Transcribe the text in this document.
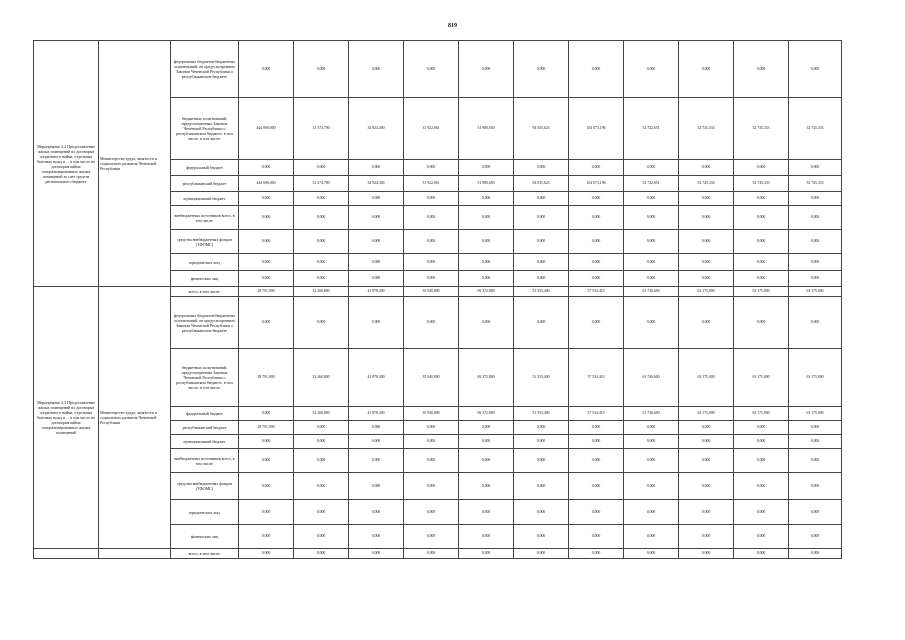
819
Мероприятие 2.2 Предоставление жилых помещений по договорам социального найма, отдельных бытовых нужд и ... в том числе по договорам найма специализированных жилых помещений за счет средств регионального бюджета	Министерство труда, занятости и социального развития Чеченской Республики	федеральных бюджетов/бюджетных ассигнований, не предусмотренных Законом Чеченской Республики о республиканском бюджете	0,000	0,000	0,000	0,000	0,000	0,000	0,000	0,000	0,000	0,000	0,000
		бюджетных ассигнований, предусмотренных Законом Чеченской Республики о республиканском бюджете, в том числе: в том числе:	444 690,000	31 374,700	34 924,300	31 922,061	51 980,650	94 035,623	104 073,196	52 722,651	52 745,333	52 745,333	52 745,333
		федеральный бюджет	0,000	0,000	0,000	0,000	0,000	0,000	0,000	0,000	0,000	0,000	0,000
		республиканский бюджет	444 690,000	31 374,700	34 924,300	31 922,061	51 980,650	94 035,623	104 073,196	52 722,651	52 745,333	52 745,333	52 745,333
		муниципальный бюджет	0,000	0,000	0,000	0,000	0,000	0,000	0,000	0,000	0,000	0,000	0,000
		внебюджетных источников всего, в том числе:	0,000	0,000	0,000	0,000	0,000	0,000	0,000	0,000	0,000	0,000	0,000
		средства внебюджетных фондов (ТФОМС)	0,000	0,000	0,000	0,000	0,000	0,000	0,000	0,000	0,000	0,000	0,000
		юридических лиц	0,000	0,000	0,000	0,000	0,000	0,000	0,000	0,000	0,000	0,000	0,000
		физических лиц	0,000	0,000	0,000	0,000	0,000	0,000	0,000	0,000	0,000	0,000	0,000
Мероприятие 2.3 Предоставление жилых помещений по договорам социального найма, отдельных бытовых нужд и ... в том числе по договорам найма специализированных жилых помещений	Министерство труда, занятости и социального развития Чеченской Республики	всего, в том числе:	28 791,900	32 260,800	41 878,300	35 940,800	69 372,800	51 553,400	57 534,410	61 746,600	63 175,000	63 175,000	63 175,000
		федеральных бюджетов/бюджетных ассигнований, не предусмотренных Законом Чеченской Республики о республиканском бюджете	0,000	0,000	0,000	0,000	0,000	0,000	0,000	0,000	0,000	0,000	0,000
		бюджетных ассигнований, предусмотренных Законом Чеченской Республики о республиканском бюджете, в том числе: в том числе:	28 791,900	32 260,800	41 878,300	35 940,800	69 372,800	51 553,400	57 534,410	61 746,600	63 175,000	63 175,000	63 175,000
		федеральный бюджет	0,000	32 260,800	41 878,300	35 940,800	69 372,800	51 553,400	57 534,410	61 746,600	63 175,000	63 175,000	63 175,000
		республиканский бюджет	28 791,900	0,000	0,000	0,000	0,000	0,000	0,000	0,000	0,000	0,000	0,000
		муниципальный бюджет	0,000	0,000	0,000	0,000	0,000	0,000	0,000	0,000	0,000	0,000	0,000
		внебюджетных источников всего, в том числе:	0,000	0,000	0,000	0,000	0,000	0,000	0,000	0,000	0,000	0,000	0,000
		средства внебюджетных фондов (ТФОМС)	0,000	0,000	0,000	0,000	0,000	0,000	0,000	0,000	0,000	0,000	0,000
		юридических лиц	0,000	0,000	0,000	0,000	0,000	0,000	0,000	0,000	0,000	0,000	0,000
		физических лиц	0,000	0,000	0,000	0,000	0,000	0,000	0,000	0,000	0,000	0,000	0,000
		всего, в том числе:	0,000	0,000	0,000	0,000	0,000	0,000	0,000	0,000	0,000	0,000	0,000
